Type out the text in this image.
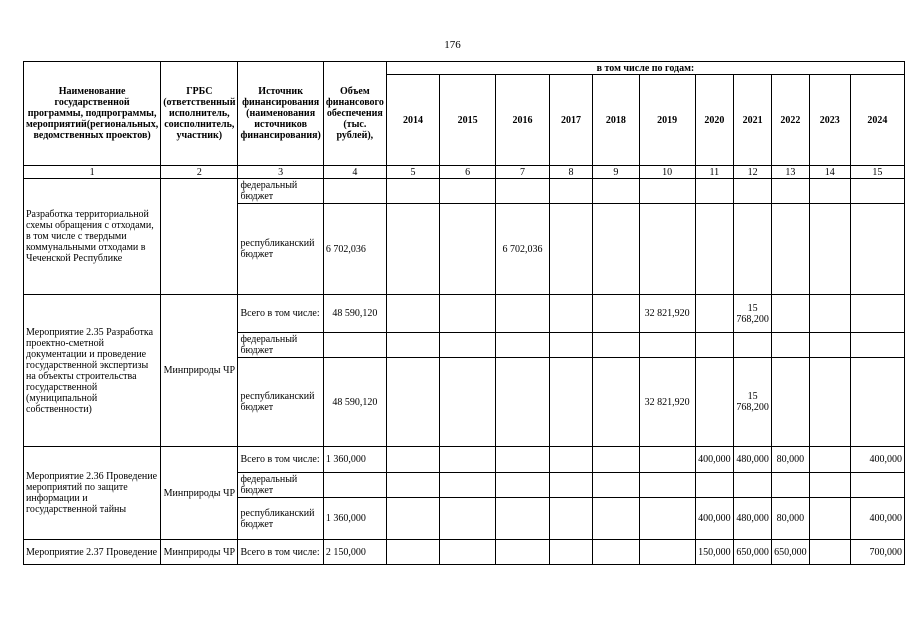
176
Наименование государственной программы, подпрограммы, мероприятий(региональных, ведомственных проектов)	ГРБС (ответственный исполнитель, соисполнитель, участник)	Источник финансирования (наименования источников финансирования)	Объем финансового обеспечения (тыс. рублей),	в том числе по годам:										
				2014	2015	2016	2017	2018	2019	2020	2021	2022	2023	2024
1	2	3	4	5	6	7	8	9	10	11	12	13	14	15
Разработка территориальной схемы обращения с отходами, в том числе с твердыми коммунальными отходами в Чеченской Республике		федеральный бюджет												
		республиканский бюджет	6 702,036			6 702,036								
Мероприятие 2.35 Разработка проектно-сметной документации и проведение государственной экспертизы на объекты строительства государственной (муниципальной собственности)	Минприроды ЧР	Всего в том числе:	48 590,120						32 821,920		15 768,200			
		федеральный бюджет												
		республиканский бюджет	48 590,120						32 821,920		15 768,200			
Мероприятие 2.36 Проведение мероприятий по защите информации и государственной тайны	Минприроды ЧР	Всего в том числе:	1 360,000							400,000	480,000	80,000		400,000
		федеральный бюджет												
		республиканский бюджет	1 360,000							400,000	480,000	80,000		400,000
Мероприятие 2.37 Проведение	Минприроды ЧР	Всего в том числе:	2 150,000							150,000	650,000	650,000		700,000
